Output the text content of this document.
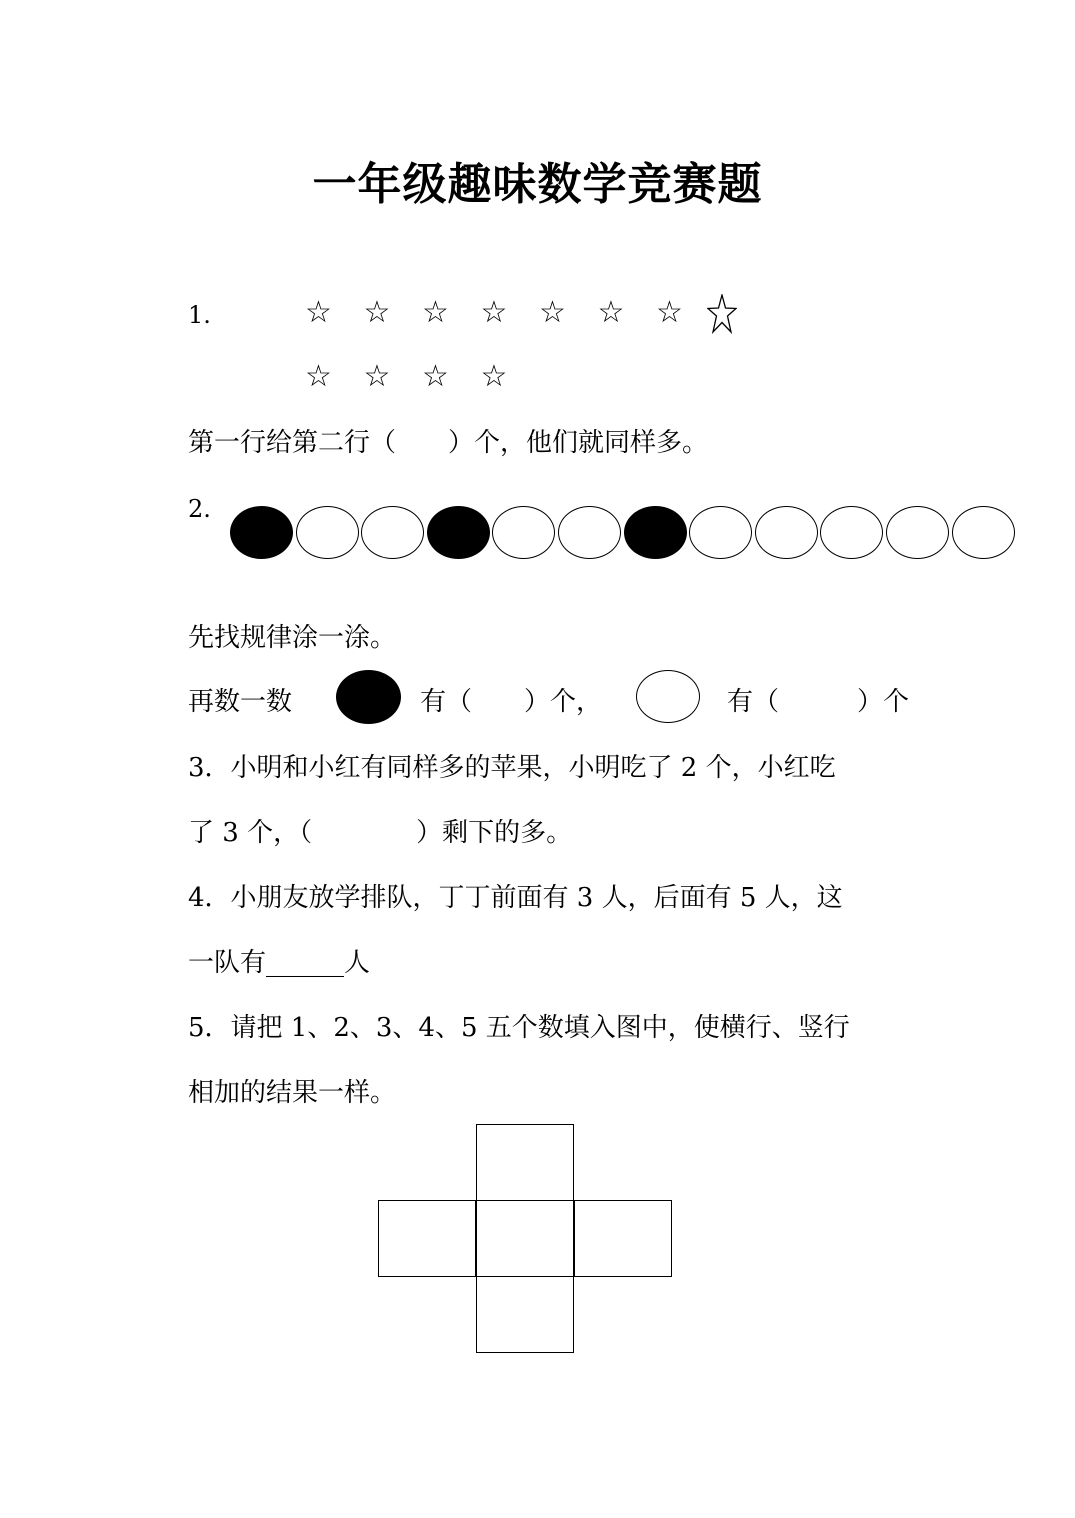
一年级趣味数学竞赛题
1.	☆ ☆ ☆ ☆ ☆ ☆ ☆
☆ ☆ ☆ ☆
第一行给第二行（　　）个，他们就同样多。
2.
先找规律涂一涂。
再数一数	有（　　）个，	有（　　　）个
3．小明和小红有同样多的苹果，小明吃了 2 个，小红吃
了 3 个，（　　　　）剩下的多。
4．小朋友放学排队，丁丁前面有 3 人，后面有 5 人，这
一队有______人
5．请把 1、2、3、4、5 五个数填入图中，使横行、竖行
相加的结果一样。
